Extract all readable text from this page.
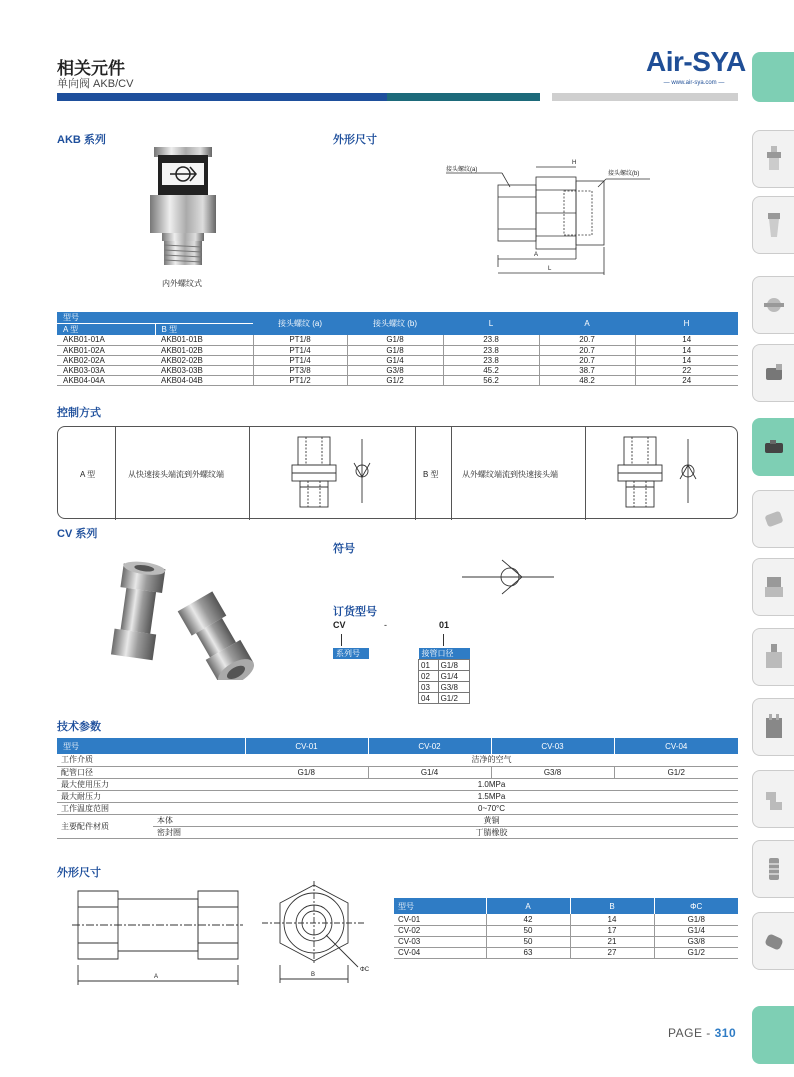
相关元件
单向阀 AKB/CV
Air-SYA
— www.air-sya.com —
AKB 系列	外形尺寸
内外螺纹式
接头螺纹(a)
接头螺纹(b)
H
A
L
型号		接头螺纹 (a)	接头螺纹 (b)	L	A	H
A 型	B 型					
AKB01-01A	AKB01-01B	PT1/8	G1/8	23.8	20.7	14
AKB01-02A	AKB01-02B	PT1/4	G1/8	23.8	20.7	14
AKB02-02A	AKB02-02B	PT1/4	G1/4	23.8	20.7	14
AKB03-03A	AKB03-03B	PT3/8	G3/8	45.2	38.7	22
AKB04-04A	AKB04-04B	PT1/2	G1/2	56.2	48.2	24
控制方式
A 型	从快速接头端流到外螺纹端	B 型	从外螺纹端流到快速接头端
CV 系列
符号
订货型号
CV	-	01
系列号	接管口径	
01	G1/8
02	G1/4
03	G3/8
04	G1/2
技术参数
型号		CV-01	CV-02	CV-03	CV-04
工作介质		洁净的空气			
配管口径		G1/8	G1/4	G3/8	G1/2
最大使用压力		1.0MPa			
最大耐压力		1.5MPa			
工作温度范围		0~70°C			
主要配件材质	本体	黄铜			
	密封圈	丁腈橡胶			
外形尺寸
A	B
ΦC
型号	A	B	ΦC
CV-01	42	14	G1/8
CV-02	50	17	G1/4
CV-03	50	21	G3/8
CV-04	63	27	G1/2
PAGE - 310
